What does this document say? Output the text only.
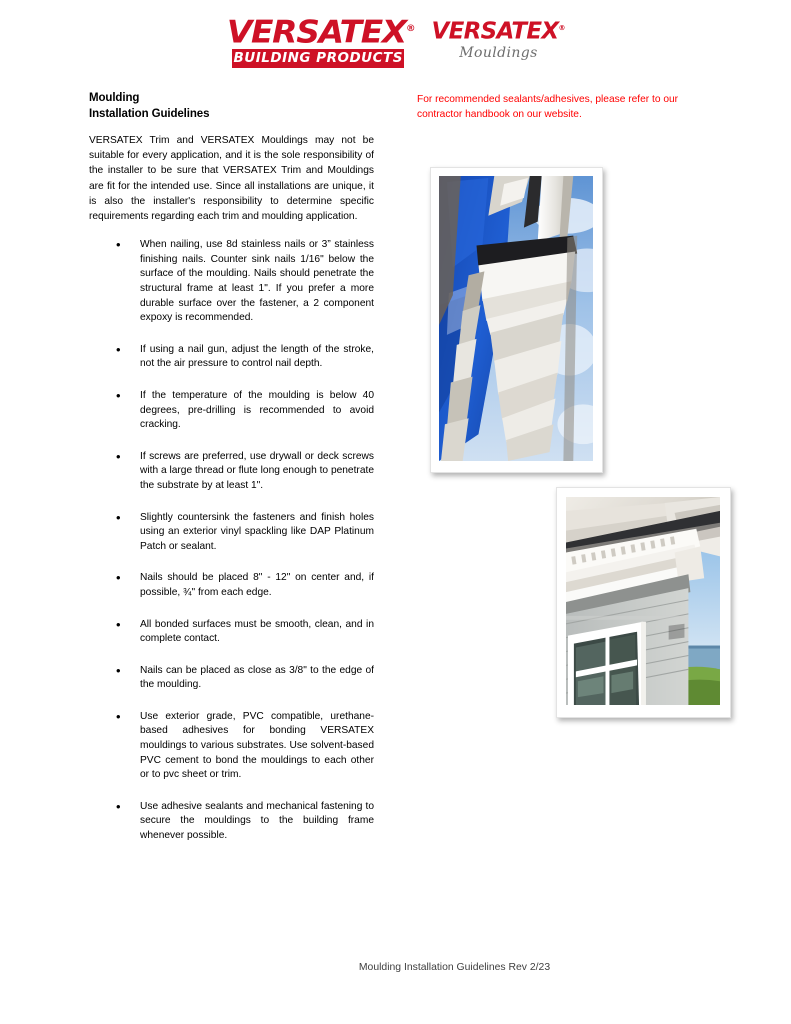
VERSATEX®
BUILDING PRODUCTS
VERSATEX®
Mouldings
For recommended sealants/adhesives, please refer to our contractor handbook on our website.
Moulding
Installation Guidelines
VERSATEX Trim and VERSATEX Mouldings may not be suitable for every application, and it is the sole responsibility of the installer to be sure that VERSATEX Trim and Mouldings are fit for the intended use. Since all installations are unique, it is also the installer's responsibility to determine specific requirements regarding each trim and moulding application.
• When nailing, use 8d stainless nails or 3” stainless finishing nails. Counter sink nails 1/16" below the surface of the moulding. Nails should penetrate the structural frame at least 1". If you prefer a more durable surface over the fastener, a 2 component expoxy is recommended.
• If using a nail gun, adjust the length of the stroke, not the air pressure to control nail depth.
• If the temperature of the moulding is below 40 degrees, pre-drilling is recommended to avoid cracking.
• If screws are preferred, use drywall or deck screws with a large thread or flute long enough to penetrate the substrate by at least 1".
• Slightly countersink the fasteners and finish holes using an exterior vinyl spackling like DAP Platinum Patch or sealant.
• Nails should be placed 8" - 12" on center and, if possible, ¾" from each edge.
• All bonded surfaces must be smooth, clean, and in complete contact.
• Nails can be placed as close as 3/8" to the edge of the moulding.
• Use exterior grade, PVC compatible, urethane-based adhesives for bonding VERSATEX mouldings to various substrates. Use solvent-based PVC cement to bond the mouldings to each other or to pvc sheet or trim.
• Use adhesive sealants and mechanical fastening to secure the mouldings to the building frame whenever possible.
Moulding Installation Guidelines Rev 2/23
